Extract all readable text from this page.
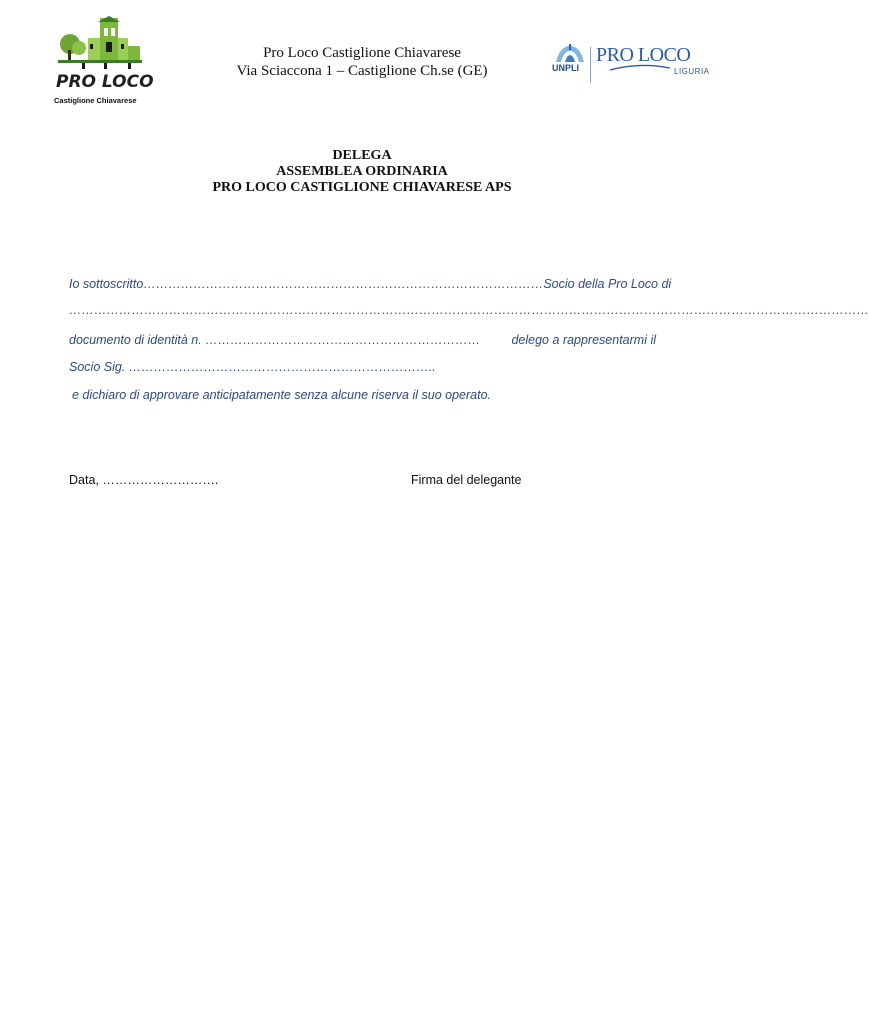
PRO LOCO
Castiglione Chiavarese
Pro Loco Castiglione Chiavarese
Via Sciaccona 1 – Castiglione Ch.se (GE)	UNPLI
PRO LOCO
LIGURIA
DELEGA
ASSEMBLEA ORDINARIA
PRO LOCO CASTIGLIONE CHIAVARESE APS
Io sottoscritto …………………………………………………………………………………… Socio della Pro Loco di
…………………………………………………………………………………………………………………………………………………………………………
documento di identità n. …………………………………………………………	delego a rappresentarmi il
Socio Sig. ………………………………………………………………..
e dichiaro di approvare anticipatamente senza alcune riserva il suo operato.
Data, ……………………….	Firma del delegante
